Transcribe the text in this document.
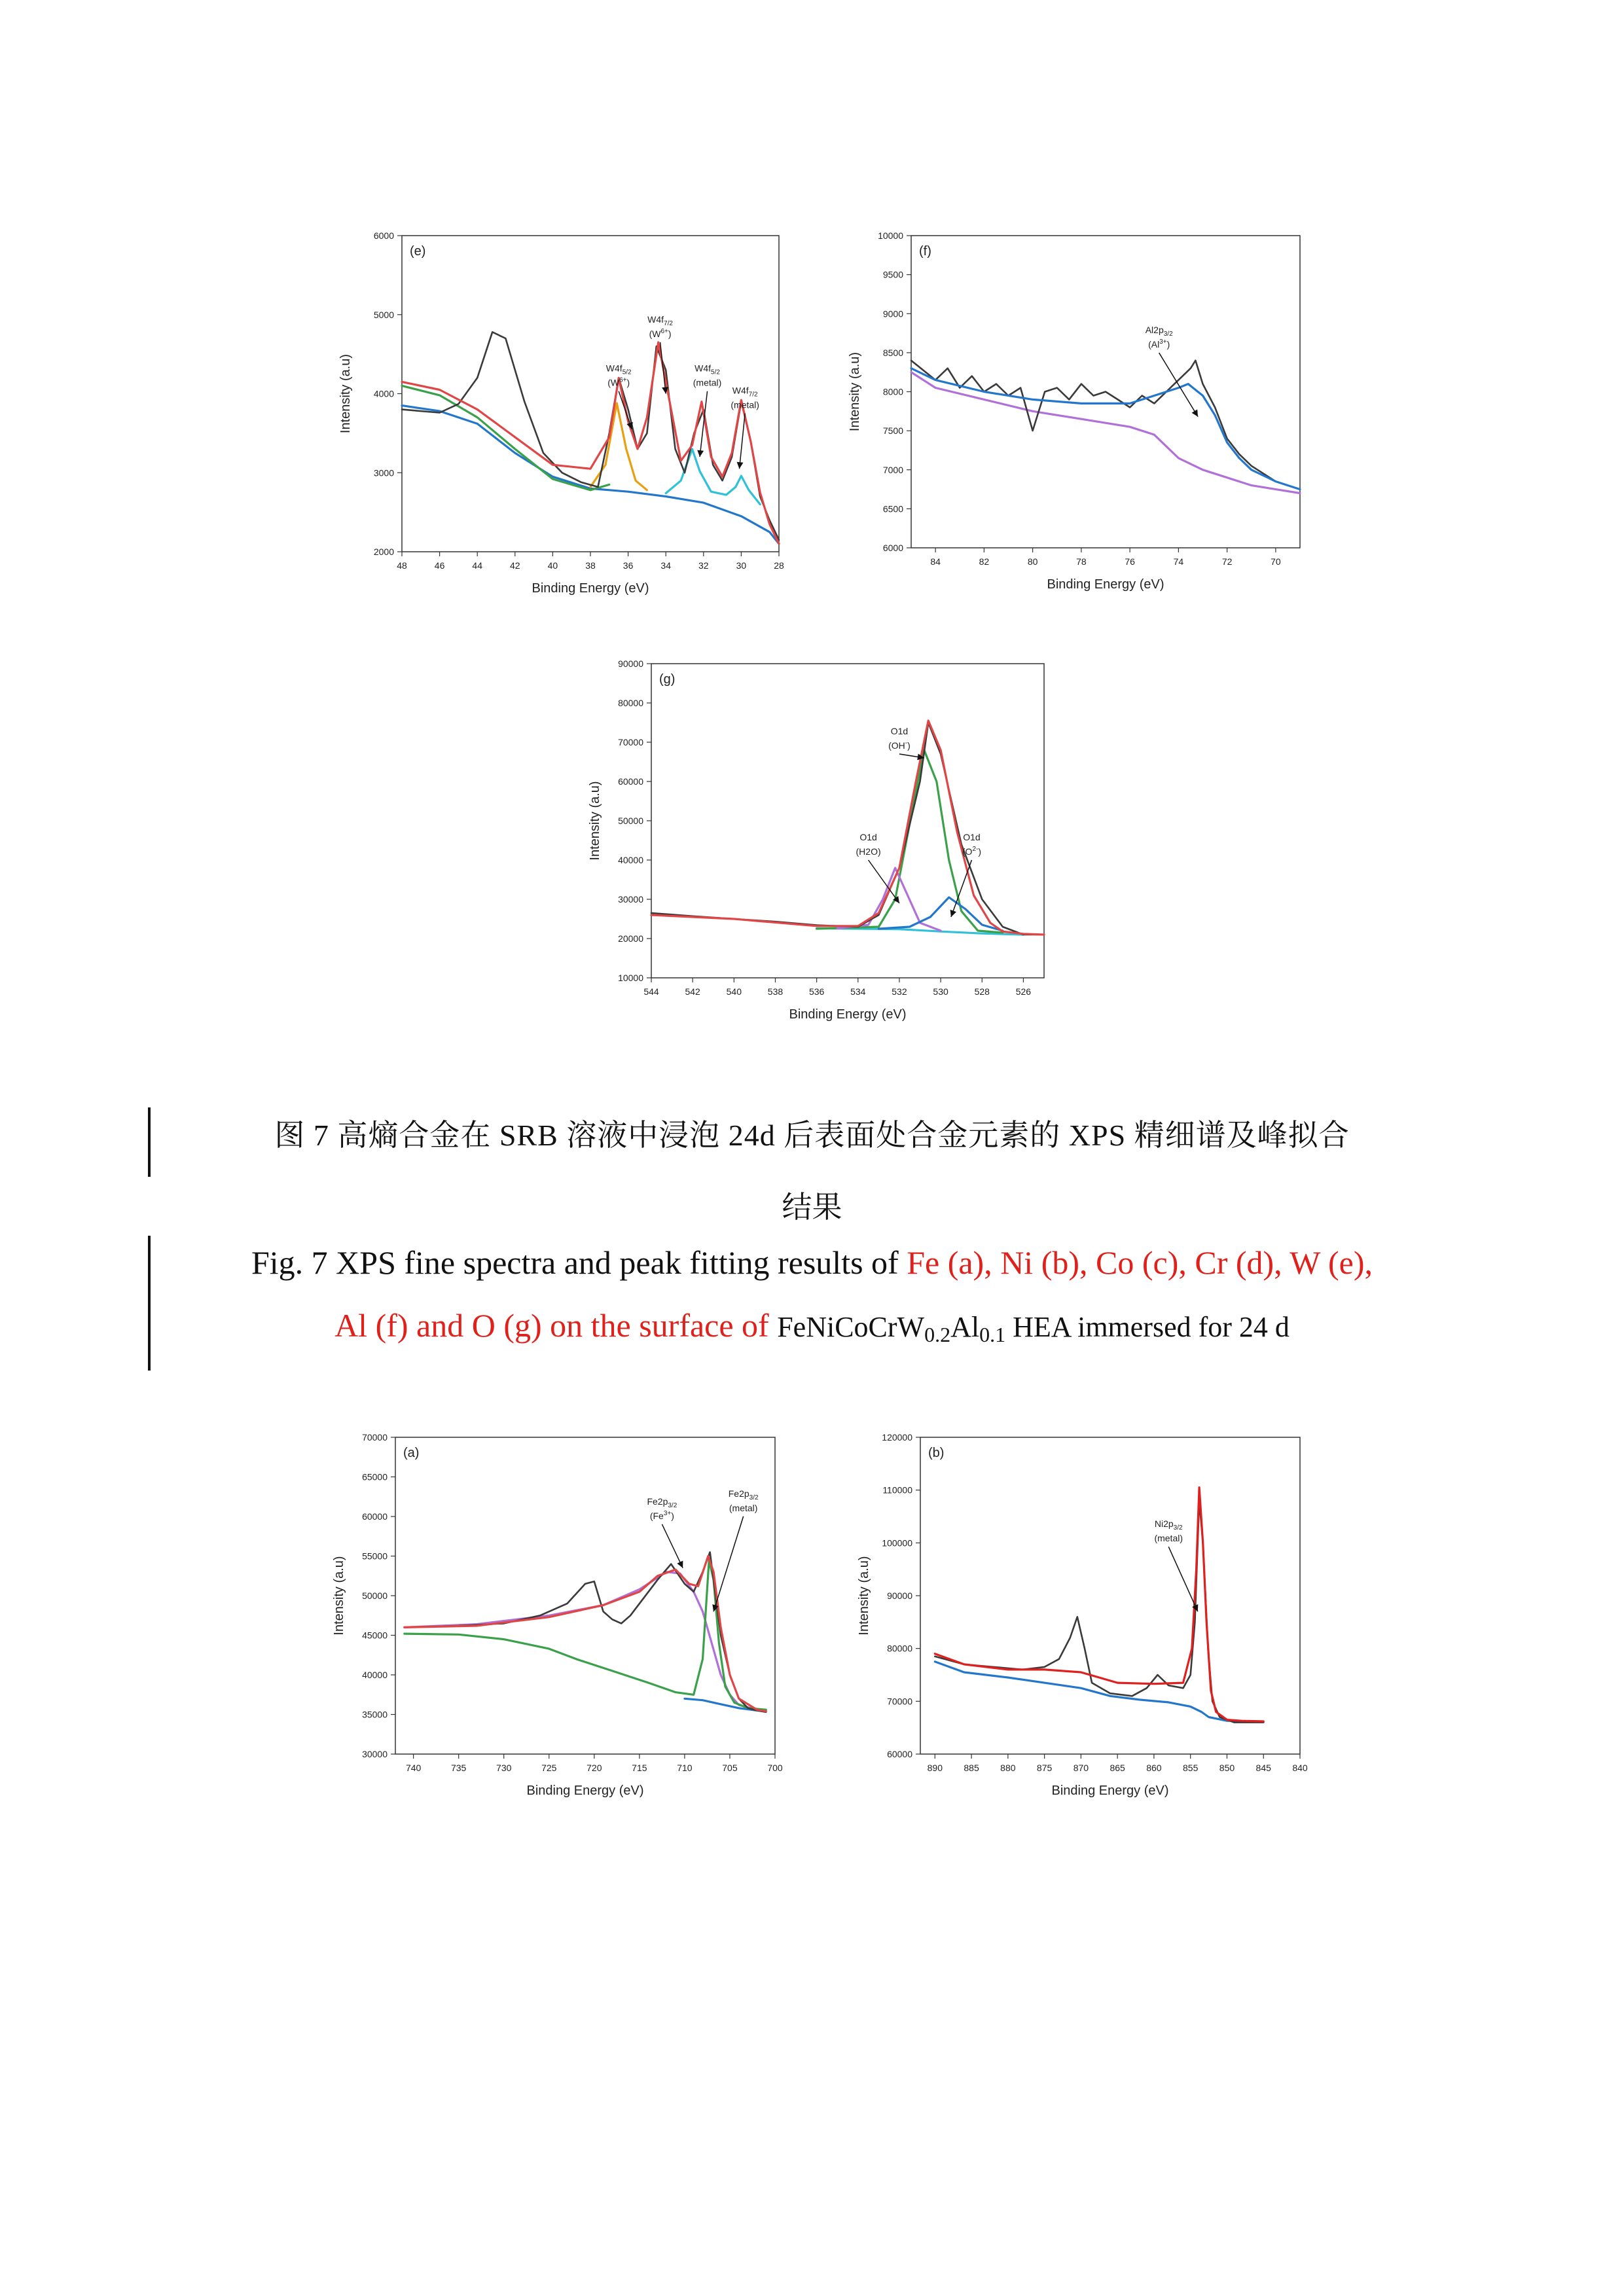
(e)
48	46	44	42	40	38	36	34	32	30	28
2000
3000
4000
5000
6000
Binding Energy (eV)
Intensity (a.u)	$W4f_{5/2}$
$(W^{6+})$
$W4f_{7/2}$
$(W^{6+})$
$W4f_{5/2}$
(metal)
$W4f_{7/2}$
(metal)
(f)
84	82	80	78	76	74	72	70
6000
6500
7000
7500
8000
8500
9000
9500
10000
Binding Energy (eV)
Intensity (a.u)
$Al2p_{3/2}$
$(Al^{3+})$
(g)
544	542	540	538	536	534	532	530	528	526
10000
20000
30000
40000
50000
60000
70000
80000
90000
Binding Energy (eV)
Intensity (a.u)
O1d
(OH-)
O1d
(H2O)
O1d
$(O^{2-})$
图 7 高熵合金在 SRB 溶液中浸泡 24d 后表面处合金元素的 XPS 精细谱及峰拟合
结果
Fig. 7 XPS fine spectra and peak fitting results of Fe (a), Ni (b), Co (c), Cr (d), W (e),
Al (f) and O (g) on the surface of $FeNiCoCrW_{0.2}Al_{0.1}$ HEA immersed for 24 d
(a)
740	735	730	725	720	715	710	705	700
30000
35000
40000
45000
50000
55000
60000
65000
70000
Binding Energy (eV)
Intensity (a.u)
$Fe2p_{3/2}$
$(Fe^{3+})$
$Fe2p_{3/2}$
(metal)
(b)
890 885 880 875 870 865 860 855 850 845 840
60000
70000
80000
90000
100000
110000
120000
Binding Energy (eV)
Intensity (a.u)
$Ni2p_{3/2}$
(metal)
